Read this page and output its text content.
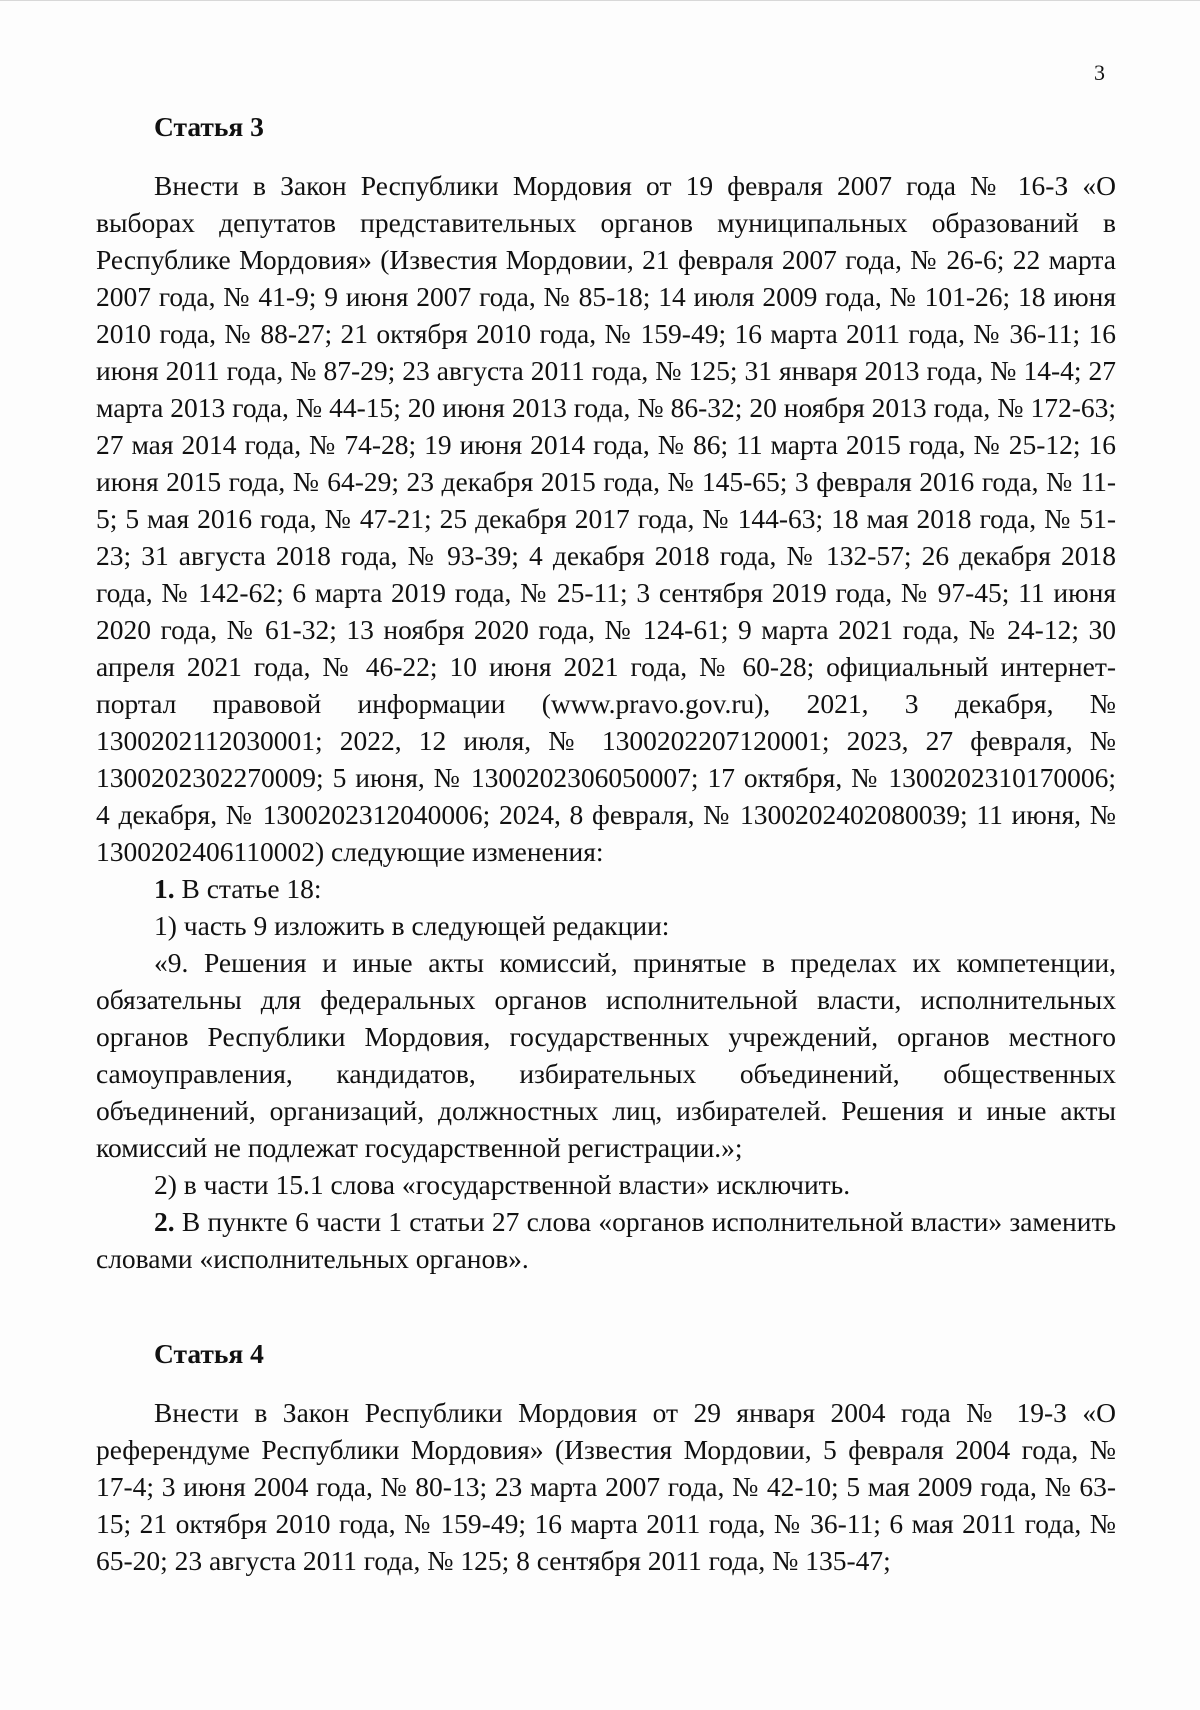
3
Статья 3

Внести в Закон Республики Мордовия от 19 февраля 2007 года № 16-З «О выборах депутатов представительных органов муниципальных образований в Республике Мордовия» (Известия Мордовии, 21 февраля 2007 года, № 26-6; 22 марта 2007 года, № 41-9; 9 июня 2007 года, № 85-18; 14 июля 2009 года, № 101-26; 18 июня 2010 года, № 88-27; 21 октября 2010 года, № 159-49; 16 марта 2011 года, № 36-11; 16 июня 2011 года, № 87-29; 23 августа 2011 года, № 125; 31 января 2013 года, № 14-4; 27 марта 2013 года, № 44-15; 20 июня 2013 года, № 86-32; 20 ноября 2013 года, № 172-63; 27 мая 2014 года, № 74-28; 19 июня 2014 года, № 86; 11 марта 2015 года, № 25-12; 16 июня 2015 года, № 64-29; 23 декабря 2015 года, № 145-65; 3 февраля 2016 года, № 11-5; 5 мая 2016 года, № 47-21; 25 декабря 2017 года, № 144-63; 18 мая 2018 года, № 51-23; 31 августа 2018 года, № 93-39; 4 декабря 2018 года, № 132-57; 26 декабря 2018 года, № 142-62; 6 марта 2019 года, № 25-11; 3 сентября 2019 года, № 97-45; 11 июня 2020 года, № 61-32; 13 ноября 2020 года, № 124-61; 9 марта 2021 года, № 24-12; 30 апреля 2021 года, № 46-22; 10 июня 2021 года, № 60-28; официальный интернет-портал правовой информации (www.pravo.gov.ru), 2021, 3 декабря, № 1300202112030001; 2022, 12 июля, № 1300202207120001; 2023, 27 февраля, № 1300202302270009; 5 июня, № 1300202306050007; 17 октября, № 1300202310170006; 4 декабря, № 1300202312040006; 2024, 8 февраля, № 1300202402080039; 11 июня, № 1300202406110002) следующие изменения:

1. В статье 18:

1) часть 9 изложить в следующей редакции:

«9. Решения и иные акты комиссий, принятые в пределах их компетенции, обязательны для федеральных органов исполнительной власти, исполнительных органов Республики Мордовия, государственных учреждений, органов местного самоуправления, кандидатов, избирательных объединений, общественных объединений, организаций, должностных лиц, избирателей. Решения и иные акты комиссий не подлежат государственной регистрации.»;

2) в части 15.1 слова «государственной власти» исключить.

2. В пункте 6 части 1 статьи 27 слова «органов исполнительной власти» заменить словами «исполнительных органов».

Статья 4

Внести в Закон Республики Мордовия от 29 января 2004 года № 19-З «О референдуме Республики Мордовия» (Известия Мордовии, 5 февраля 2004 года, № 17-4; 3 июня 2004 года, № 80-13; 23 марта 2007 года, № 42-10; 5 мая 2009 года, № 63-15; 21 октября 2010 года, № 159-49; 16 марта 2011 года, № 36-11; 6 мая 2011 года, № 65-20; 23 августа 2011 года, № 125; 8 сентября 2011 года, № 135-47;
